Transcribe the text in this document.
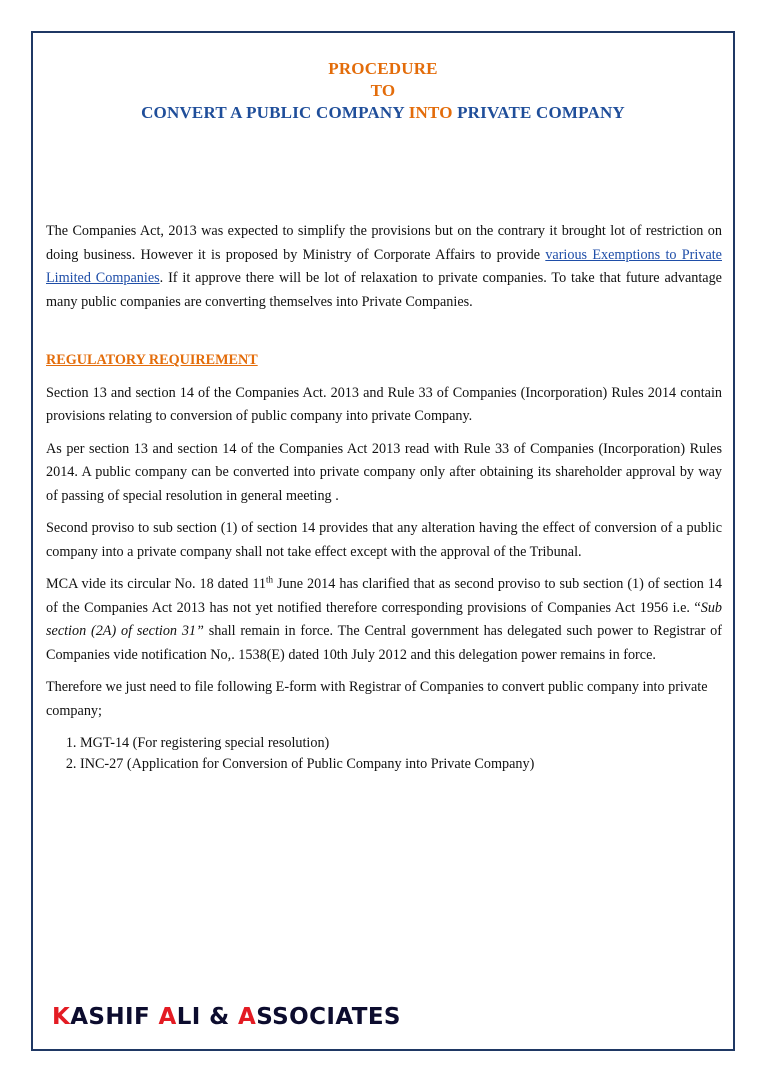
PROCEDURE
TO
CONVERT A PUBLIC COMPANY INTO PRIVATE COMPANY

The Companies Act, 2013 was expected to simplify the provisions but on the contrary it brought lot of restriction on doing business. However it is proposed by Ministry of Corporate Affairs to provide various Exemptions to Private Limited Companies. If it approve there will be lot of relaxation to private companies. To take that future advantage many public companies are converting themselves into Private Companies.

REGULATORY REQUIREMENT

Section 13 and section 14 of the Companies Act. 2013 and Rule 33 of Companies (Incorporation) Rules 2014 contain provisions relating to conversion of public company into private Company.

As per section 13 and section 14 of the Companies Act 2013 read with Rule 33 of Companies (Incorporation) Rules 2014. A public company can be converted into private company only after obtaining its shareholder approval by way of passing of special resolution in general meeting .

Second proviso to sub section (1) of section 14 provides that any alteration having the effect of conversion of a public company into a private company shall not take effect except with the approval of the Tribunal.

MCA vide its circular No. 18 dated 11th June 2014 has clarified that as second proviso to sub section (1) of section 14 of the Companies Act 2013 has not yet notified therefore corresponding provisions of Companies Act 1956 i.e. “Sub section (2A) of section 31” shall remain in force. The Central government has delegated such power to Registrar of Companies vide notification No,. 1538(E) dated 10th July 2012 and this delegation power remains in force.

Therefore we just need to file following E-form with Registrar of Companies to convert public company into private company;

1. MGT-14 (For registering special resolution)
2. INC-27 (Application for Conversion of Public Company into Private Company)
KASHIF ALI & ASSOCIATES
